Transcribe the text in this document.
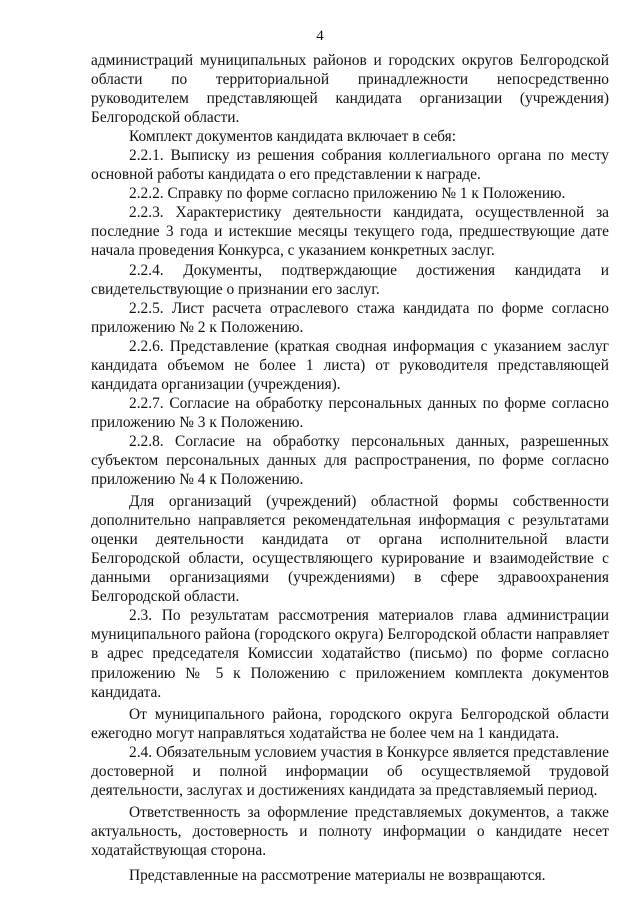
4

администраций муниципальных районов и городских округов Белгородской области по территориальной принадлежности непосредственно руководителем представляющей кандидата организации (учреждения) Белгородской области.

Комплект документов кандидата включает в себя:

2.2.1. Выписку из решения собрания коллегиального органа по месту основной работы кандидата о его представлении к награде.

2.2.2. Справку по форме согласно приложению № 1 к Положению.

2.2.3. Характеристику деятельности кандидата, осуществленной за последние 3 года и истекшие месяцы текущего года, предшествующие дате начала проведения Конкурса, с указанием конкретных заслуг.

2.2.4. Документы, подтверждающие достижения кандидата и свидетельствующие о признании его заслуг.

2.2.5. Лист расчета отраслевого стажа кандидата по форме согласно приложению № 2 к Положению.

2.2.6. Представление (краткая сводная информация с указанием заслуг кандидата объемом не более 1 листа) от руководителя представляющей кандидата организации (учреждения).

2.2.7. Согласие на обработку персональных данных по форме согласно приложению № 3 к Положению.

2.2.8. Согласие на обработку персональных данных, разрешенных субъектом персональных данных для распространения, по форме согласно приложению № 4 к Положению.

Для организаций (учреждений) областной формы собственности дополнительно направляется рекомендательная информация с результатами оценки деятельности кандидата от органа исполнительной власти Белгородской области, осуществляющего курирование и взаимодействие с данными организациями (учреждениями) в сфере здравоохранения Белгородской области.

2.3. По результатам рассмотрения материалов глава администрации муниципального района (городского округа) Белгородской области направляет в адрес председателя Комиссии ходатайство (письмо) по форме согласно приложению № 5 к Положению с приложением комплекта документов кандидата.

От муниципального района, городского округа Белгородской области ежегодно могут направляться ходатайства не более чем на 1 кандидата.

2.4. Обязательным условием участия в Конкурсе является представление достоверной и полной информации об осуществляемой трудовой деятельности, заслугах и достижениях кандидата за представляемый период.

Ответственность за оформление представляемых документов, а также актуальность, достоверность и полноту информации о кандидате несет ходатайствующая сторона.

Представленные на рассмотрение материалы не возвращаются.
